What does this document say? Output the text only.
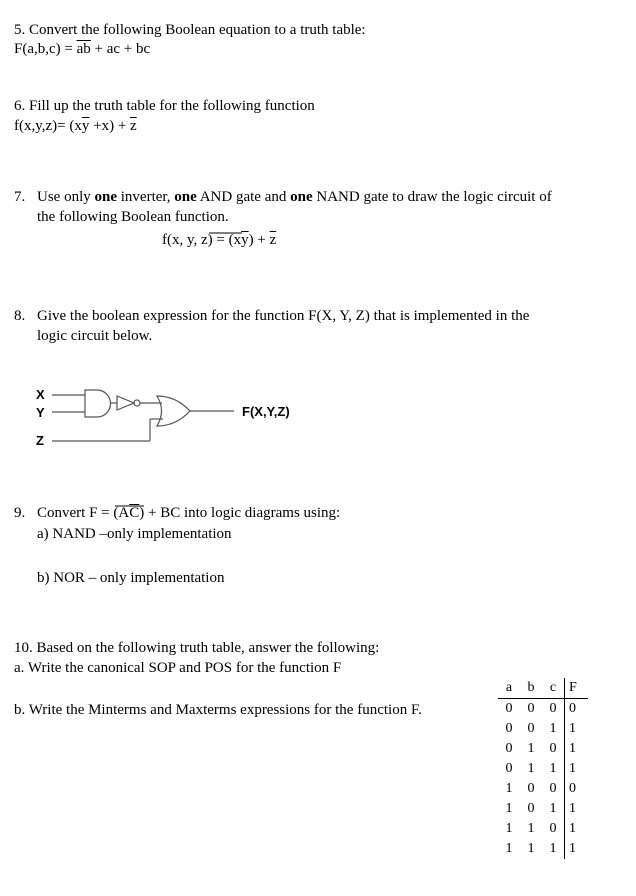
5. Convert the following Boolean equation to a truth table:
$F(a,b,c) = \overline{ab}$ + ac + bc
6. Fill up the truth table for the following function
$f(x,y,z)= (x\overline{y} +x) + \overline{z}$
7. Use only one inverter, one AND gate and one NAND gate to draw the logic circuit of
the following Boolean function.
f(x, y, $z) = (x\overline{y}) + \overline{z}$
8. Give the boolean expression for the function F(X, Y, Z) that is implemented in the
logic circuit below.
X
Y
Z
F(X,Y,Z)
9. Convert $F = (A\overline{C})$ + BC into logic diagrams using:
a) NAND –only implementation
b) NOR – only implementation
10. Based on the following truth table, answer the following:
a. Write the canonical SOP and POS for the function F
b. Write the Minterms and Maxterms expressions for the function F.
a	b	c	F
0	0	0	0
0	0	1	1
0	1	0	1
0	1	1	1
1	0	0	0
1	0	1	1
1	1	0	1
1	1	1	1
